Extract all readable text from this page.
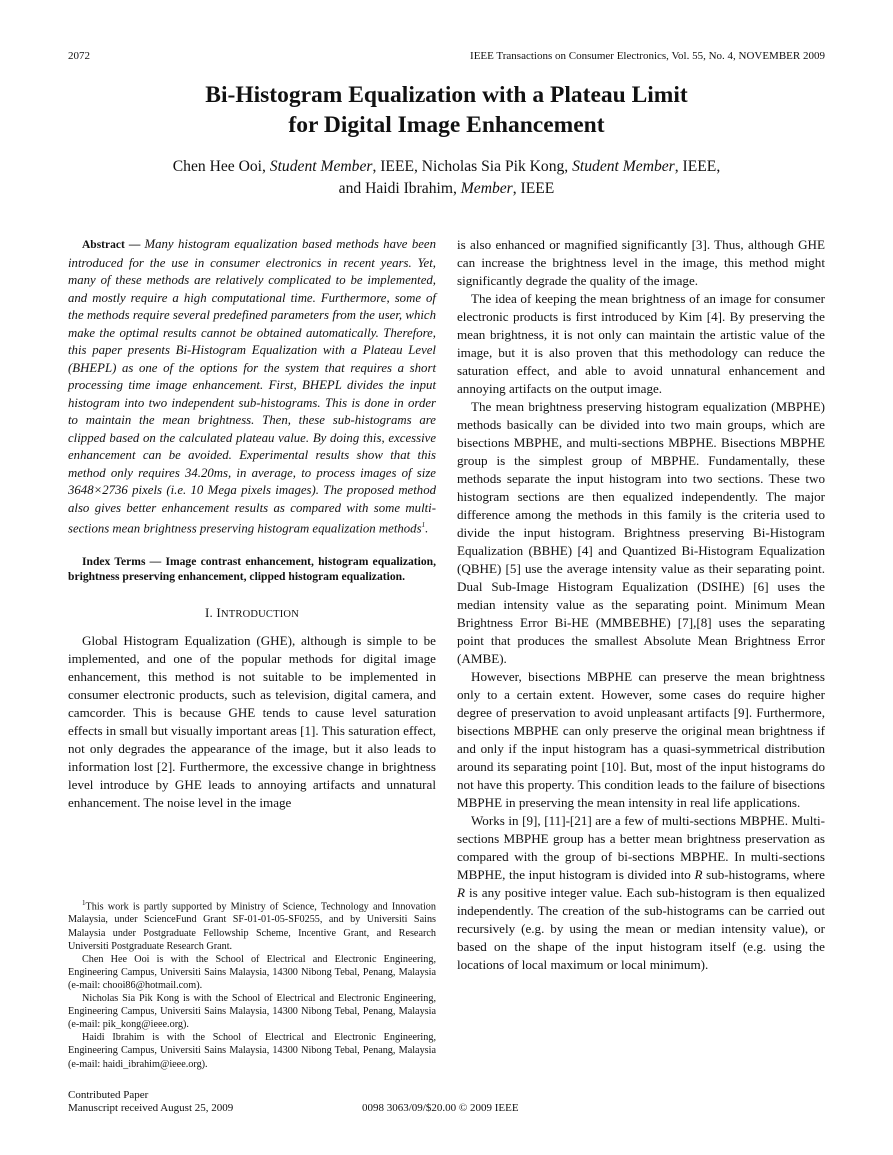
2072	IEEE Transactions on Consumer Electronics, Vol. 55, No. 4, NOVEMBER 2009
Bi-Histogram Equalization with a Plateau Limit
for Digital Image Enhancement
Chen Hee Ooi, Student Member, IEEE, Nicholas Sia Pik Kong, Student Member, IEEE,
and Haidi Ibrahim, Member, IEEE

Abstract — Many histogram equalization based methods have been introduced for the use in consumer electronics in recent years. Yet, many of these methods are relatively complicated to be implemented, and mostly require a high computational time. Furthermore, some of the methods require several predefined parameters from the user, which make the optimal results cannot be obtained automatically. Therefore, this paper presents Bi-Histogram Equalization with a Plateau Level (BHEPL) as one of the options for the system that requires a short processing time image enhancement. First, BHEPL divides the input histogram into two independent sub-histograms. This is done in order to maintain the mean brightness. Then, these sub-histograms are clipped based on the calculated plateau value. By doing this, excessive enhancement can be avoided. Experimental results show that this method only requires 34.20ms, in average, to process images of size 3648×2736 pixels (i.e. 10 Mega pixels images). The proposed method also gives better enhancement results as compared with some multi-sections mean brightness preserving histogram equalization methods$^1$.

Index Terms — Image contrast enhancement, histogram equalization, brightness preserving enhancement, clipped histogram equalization.

I. INTRODUCTION

Global Histogram Equalization (GHE), although is simple to be implemented, and one of the popular methods for digital image enhancement, this method is not suitable to be implemented in consumer electronic products, such as television, digital camera, and camcorder. This is because GHE tends to cause level saturation effects in small but visually important areas [1]. This saturation effect, not only degrades the appearance of the image, but it also leads to information lost [2]. Furthermore, the excessive change in brightness level introduce by GHE leads to annoying artifacts and unnatural enhancement. The noise level in the image

is also enhanced or magnified significantly [3]. Thus, although GHE can increase the brightness level in the image, this method might significantly degrade the quality of the image.

The idea of keeping the mean brightness of an image for consumer electronic products is first introduced by Kim [4]. By preserving the mean brightness, it is not only can maintain the artistic value of the image, but it is also proven that this methodology can reduce the saturation effect, and able to avoid unnatural enhancement and annoying artifacts on the output image.

The mean brightness preserving histogram equalization (MBPHE) methods basically can be divided into two main groups, which are bisections MBPHE, and multi-sections MBPHE. Bisections MBPHE group is the simplest group of MBPHE. Fundamentally, these methods separate the input histogram into two sections. These two histogram sections are then equalized independently. The major difference among the methods in this family is the criteria used to divide the input histogram. Brightness preserving Bi-Histogram Equalization (BBHE) [4] and Quantized Bi-Histogram Equalization (QBHE) [5] use the average intensity value as their separating point. Dual Sub-Image Histogram Equalization (DSIHE) [6] uses the median intensity value as the separating point. Minimum Mean Brightness Error Bi-HE (MMBEBHE) [7],[8] uses the separating point that produces the smallest Absolute Mean Brightness Error (AMBE).

However, bisections MBPHE can preserve the mean brightness only to a certain extent. However, some cases do require higher degree of preservation to avoid unpleasant artifacts [9]. Furthermore, bisections MBPHE can only preserve the original mean brightness if and only if the input histogram has a quasi-symmetrical distribution around its separating point [10]. But, most of the input histograms do not have this property. This condition leads to the failure of bisections MBPHE in preserving the mean intensity in real life applications.

Works in [9], [11]-[21] are a few of multi-sections MBPHE. Multi-sections MBPHE group has a better mean brightness preservation as compared with the group of bi-sections MBPHE. In multi-sections MBPHE, the input histogram is divided into R sub-histograms, where R is any positive integer value. Each sub-histogram is then equalized independently. The creation of the sub-histograms can be carried out recursively (e.g. by using the mean or median intensity value), or based on the shape of the input histogram itself (e.g. using the locations of local maximum or local minimum).

$^1$This work is partly supported by Ministry of Science, Technology and Innovation Malaysia, under ScienceFund Grant SF-01-01-05-SF0255, and by Universiti Sains Malaysia under Postgraduate Fellowship Scheme, Incentive Grant, and Research Universiti Postgraduate Research Grant.

Chen Hee Ooi is with the School of Electrical and Electronic Engineering, Engineering Campus, Universiti Sains Malaysia, 14300 Nibong Tebal, Penang, Malaysia (e-mail: chooi86@hotmail.com).

Nicholas Sia Pik Kong is with the School of Electrical and Electronic Engineering, Engineering Campus, Universiti Sains Malaysia, 14300 Nibong Tebal, Penang, Malaysia (e-mail: pik_kong@ieee.org).

Haidi Ibrahim is with the School of Electrical and Electronic Engineering, Engineering Campus, Universiti Sains Malaysia, 14300 Nibong Tebal, Penang, Malaysia (e-mail: haidi_ibrahim@ieee.org).

Contributed Paper
Manuscript received August 25, 2009	0098 3063/09/$20.00 © 2009 IEEE
